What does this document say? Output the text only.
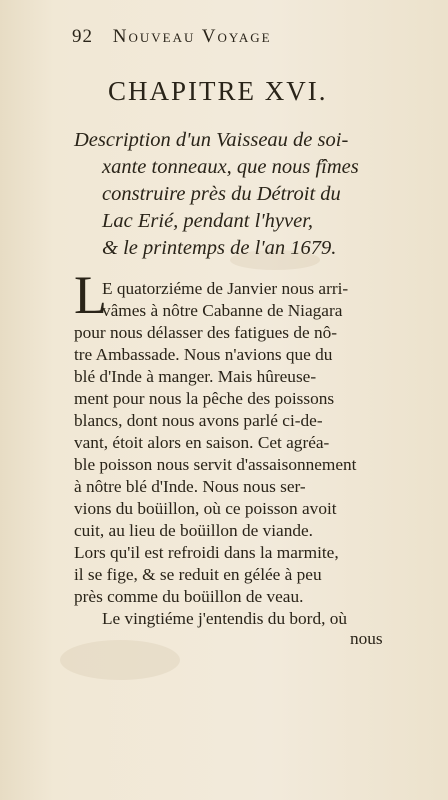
92 Nouveau Voyage
CHAPITRE XVI.
Description d'un Vaisseau de soi-
xante tonneaux, que nous fîmes
construire près du Détroit du
Lac Erié, pendant l'hyver,
& le printemps de l'an 1679.
L
E quatorziéme de Janvier nous arri-
vâmes à nôtre Cabanne de Niagara
pour nous délasser des fatigues de nô-
tre Ambassade. Nous n'avions que du
blé d'Inde à manger. Mais hûreuse-
ment pour nous la pêche des poissons
blancs, dont nous avons parlé ci-de-
vant, étoit alors en saison. Cet agréa-
ble poisson nous servit d'assaisonnement
à nôtre blé d'Inde. Nous nous ser-
vions du boüillon, où ce poisson avoit
cuit, au lieu de boüillon de viande.
Lors qu'il est refroidi dans la marmite,
il se fige, & se reduit en gélée à peu
près comme du boüillon de veau.
Le vingtiéme j'entendis du bord, où
nous
